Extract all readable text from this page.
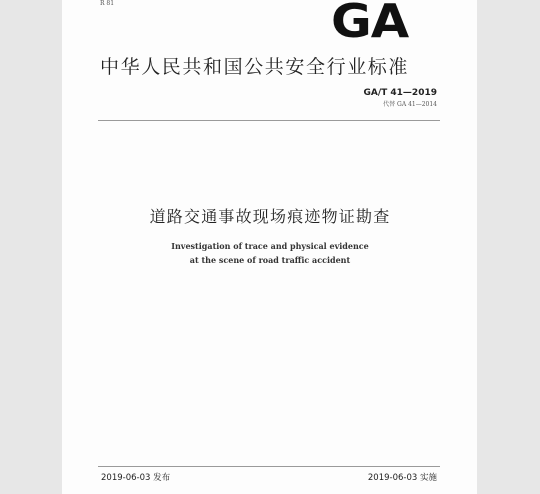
R 81	GA
中华人民共和国公共安全行业标准
GA/T 41—2019
代替 GA 41—2014
道路交通事故现场痕迹物证勘查
Investigation of trace and physical evidence
at the scene of road traffic accident
2019-06-03 发布	2019-06-03 实施
